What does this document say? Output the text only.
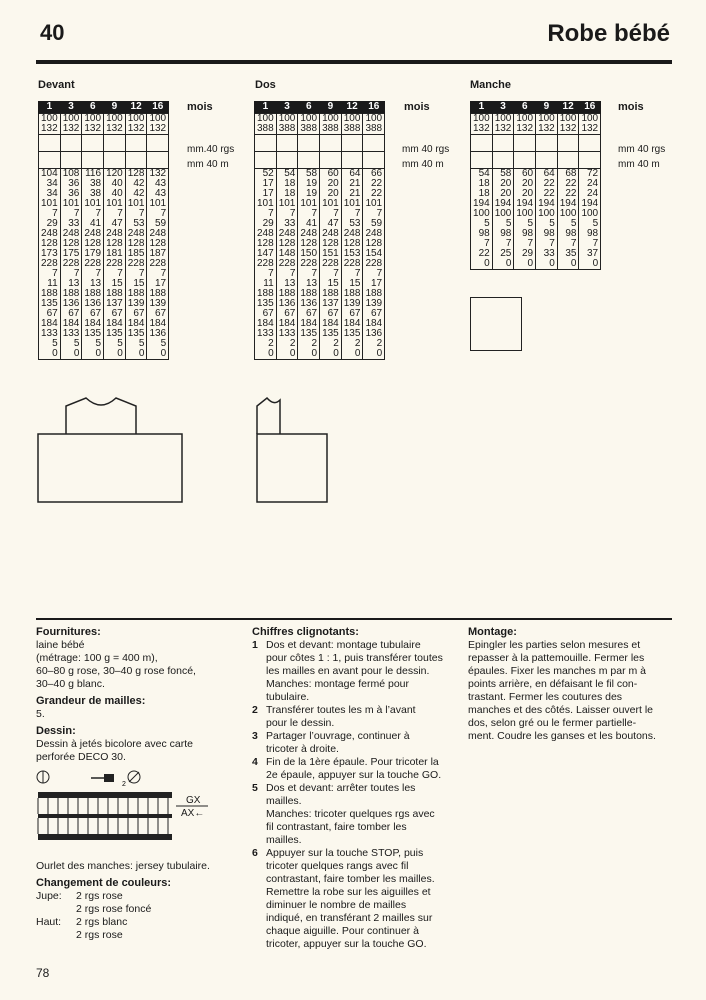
40	Robe bébé
Devant	Dos	Manche
1	3	6	9	12	16
100	100	100	100	100	100
132	132	132	132	132	132

104	108	116	120	128	132
34	36	38	40	42	43
34	36	38	40	42	43
101	101	101	101	101	101
7	7	7	7	7	7
29	33	41	47	53	59
248	248	248	248	248	248
128	128	128	128	128	128
173	175	179	181	185	187
228	228	228	228	228	228
7	7	7	7	7	7
11	13	13	15	15	17
188	188	188	188	188	188
135	136	136	137	139	139
67	67	67	67	67	67
184	184	184	184	184	184
133	133	135	135	135	136
5	5	5	5	5	5
0	0	0	0	0	0
1	3	6	9	12	16
100	100	100	100	100	100
388	388	388	388	388	388

52	54	58	60	64	66
17	18	19	20	21	22
17	18	19	20	21	22
101	101	101	101	101	101
7	7	7	7	7	7
29	33	41	47	53	59
248	248	248	248	248	248
128	128	128	128	128	128
147	148	150	151	153	154
228	228	228	228	228	228
7	7	7	7	7	7
11	13	13	15	15	17
188	188	188	188	188	188
135	136	136	137	139	139
67	67	67	67	67	67
184	184	184	184	184	184
133	133	135	135	135	136
2	2	2	2	2	2
0	0	0	0	0	0
1	3	6	9	12	16
100	100	100	100	100	100
132	132	132	132	132	132

54	58	60	64	68	72
18	20	20	22	22	24
18	20	20	22	22	24
194	194	194	194	194	194
100	100	100	100	100	100
5	5	5	5	5	5
98	98	98	98	98	98
7	7	7	7	7	7
22	25	29	33	35	37
0	0	0	0	0	0
mois	mois	mois
mm.40 rgs
mm 40 m
mm 40 rgs
mm 40 m
mm 40 rgs
mm 40 m
Fournitures:
laine bébé
(métrage: 100 g = 400 m),
60–80 g rose, 30–40 g rose foncé,
30–40 g blanc.
Grandeur de mailles:
5.
Dessin:
Dessin à jetés bicolore avec carte
perforée DECO 30.
2
GX
AX←
Ourlet des manches: jersey tubulaire.
Changement de couleurs:
Jupe:	2 rgs rose
2 rgs rose foncé
Haut:	2 rgs blanc
2 rgs rose
Chiffres clignotants:
1 Dos et devant: montage tubulaire
pour côtes 1 : 1, puis transférer toutes
les mailles en avant pour le dessin.
Manches: montage fermé pour
tubulaire.
2 Transférer toutes les m à l’avant
pour le dessin.
3 Partager l’ouvrage, continuer à
tricoter à droite.
4 Fin de la 1ère épaule. Pour tricoter la
2e épaule, appuyer sur la touche GO.
5 Dos et devant: arrêter toutes les
mailles.
Manches: tricoter quelques rgs avec
fil contrastant, faire tomber les
mailles.
6 Appuyer sur la touche STOP, puis
tricoter quelques rangs avec fil
contrastant, faire tomber les mailles.
Remettre la robe sur les aiguilles et
diminuer le nombre de mailles
indiqué, en transférant 2 mailles sur
chaque aiguille. Pour continuer à
tricoter, appuyer sur la touche GO.
Montage:
Epingler les parties selon mesures et
repasser à la pattemouille. Fermer les
épaules. Fixer les manches m par m à
points arrière, en défaisant le fil con-
trastant. Fermer les coutures des
manches et des côtés. Laisser ouvert le
dos, selon gré ou le fermer partielle-
ment. Coudre les ganses et les boutons.
78
